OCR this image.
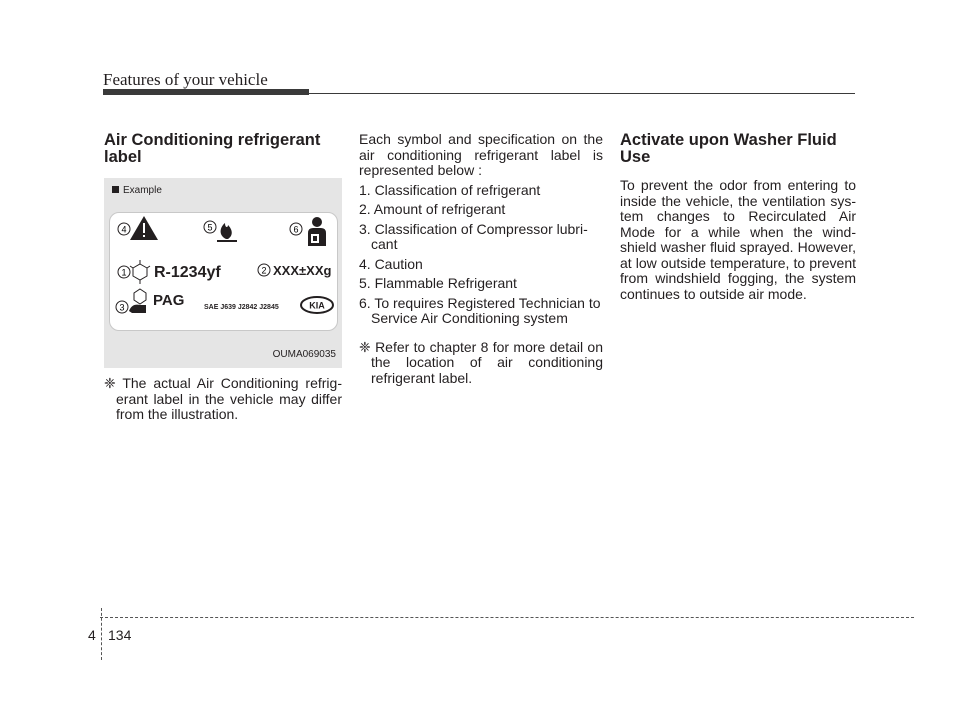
Features of your vehicle
Air Conditioning refrigerant label
Example
4	5	6
1 R-1234yf	2 XXX±XXg
3 PAG	SAE J639 J2842 J2845	KIA
OUMA069035

❈ The actual Air Conditioning refrig-erant label in the vehicle may differ from the illustration.

Each symbol and specification on the air conditioning refrigerant label is represented below :

1. Classification of refrigerant

2. Amount of refrigerant

3. Classification of Compressor lubri-cant

4. Caution

5. Flammable Refrigerant

6. To requires Registered Technician to Service Air Conditioning system

❈ Refer to chapter 8 for more detail on the location of air conditioning refrigerant label.

Activate upon Washer Fluid Use

To prevent the odor from entering to inside the vehicle, the ventilation sys-tem changes to Recirculated Air Mode for a while when the wind-shield washer fluid sprayed. However, at low outside temperature, to prevent from windshield fogging, the system continues to outside air mode.

4 134
